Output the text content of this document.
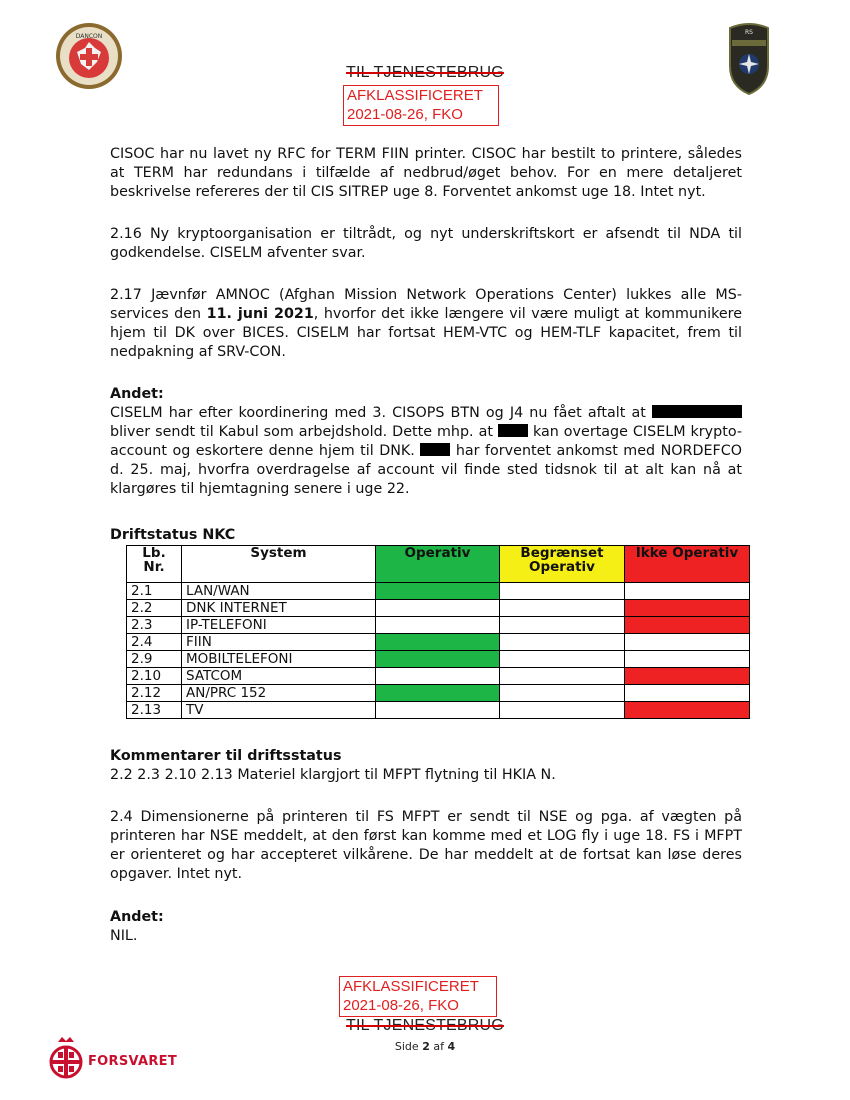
DANCON
RS
TIL TJENESTEBRUG
AFKLASSIFICERET
2021-08-26, FKO

CISOC har nu lavet ny RFC for TERM FIIN printer. CISOC har bestilt to printere, således at TERM har redundans i tilfælde af nedbrud/øget behov. For en mere detaljeret beskrivelse refereres der til CIS SITREP uge 8. Forventet ankomst uge 18. Intet nyt.

2.16 Ny kryptoorganisation er tiltrådt, og nyt underskriftskort er afsendt til NDA til godkendelse. CISELM afventer svar.

2.17 Jævnfør AMNOC (Afghan Mission Network Operations Center) lukkes alle MS-services den 11. juni 2021, hvorfor det ikke længere vil være muligt at kommunikere hjem til DK over BICES. CISELM har fortsat HEM-VTC og HEM-TLF kapacitet, frem til nedpakning af SRV-CON.

Andet:

CISELM har efter koordinering med 3. CISOPS BTN og J4 nu fået aftalt at  bliver sendt til Kabul som arbejdshold. Dette mhp. at  kan overtage CISELM krypto-account og eskortere denne hjem til DNK.  har forventet ankomst med NORDEFCO d. 25. maj, hvorfra overdragelse af account vil finde sted tidsnok til at alt kan nå at klargøres til hjemtagning senere i uge 22.

Driftstatus NKC
Lb. Nr.	System	Operativ	Begrænset Operativ	Ikke Operativ
2.1	LAN/WAN			
2.2	DNK INTERNET			
2.3	IP-TELEFONI			
2.4	FIIN			
2.9	MOBILTELEFONI			
2.10	SATCOM			
2.12	AN/PRC 152			
2.13	TV			
Kommentarer til driftsstatus

2.2 2.3 2.10 2.13 Materiel klargjort til MFPT flytning til HKIA N.

2.4 Dimensionerne på printeren til FS MFPT er sendt til NSE og pga. af vægten på printeren har NSE meddelt, at den først kan komme med et LOG fly i uge 18. FS i MFPT er orienteret og har accepteret vilkårene. De har meddelt at de fortsat kan løse deres opgaver. Intet nyt.

Andet:

NIL.

AFKLASSIFICERET
2021-08-26, FKO
TIL TJENESTEBRUG
Side 2 af 4
FORSVARET
